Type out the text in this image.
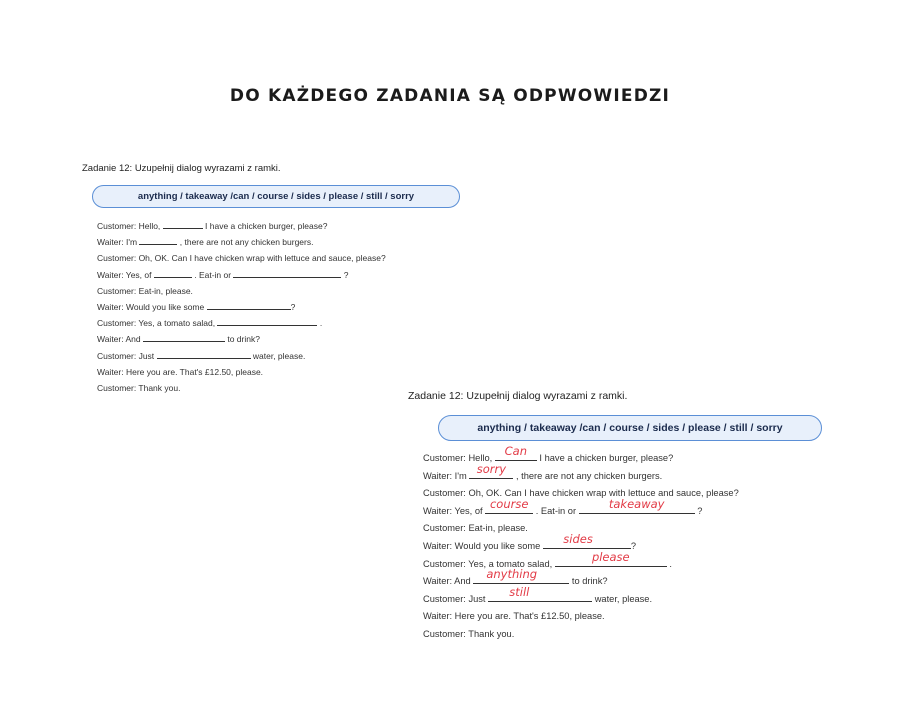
DO KAŻDEGO ZADANIA SĄ ODPWOWIEDZI
Zadanie 12: Uzupełnij dialog wyrazami z ramki.
anything / takeaway /can / course / sides / please / still / sorry
Customer: Hello,	I have a chicken burger, please?
Waiter: I'm	, there are not any chicken burgers.
Customer: Oh, OK. Can I have chicken wrap with lettuce and sauce, please?
Waiter: Yes, of	. Eat-in or	?
Customer: Eat-in, please.
Waiter: Would you like some	?
Customer: Yes, a tomato salad,	.
Waiter: And	to drink?
Customer: Just	water, please.
Waiter: Here you are. That's £12.50, please.
Customer: Thank you.
Zadanie 12: Uzupełnij dialog wyrazami z ramki.
anything / takeaway /can / course / sides / please / still / sorry
Customer: Hello, Can I have a chicken burger, please?
Waiter: I'm sorry , there are not any chicken burgers.
Customer: Oh, OK. Can I have chicken wrap with lettuce and sauce, please?
Waiter: Yes, of course . Eat-in or	takeaway	?
Customer: Eat-in, please.
Waiter: Would you like some sides	?
Customer: Yes, a tomato salad,	please	.
Waiter: And anything	to drink?
Customer: Just still	water, please.
Waiter: Here you are. That's £12.50, please.
Customer: Thank you.
